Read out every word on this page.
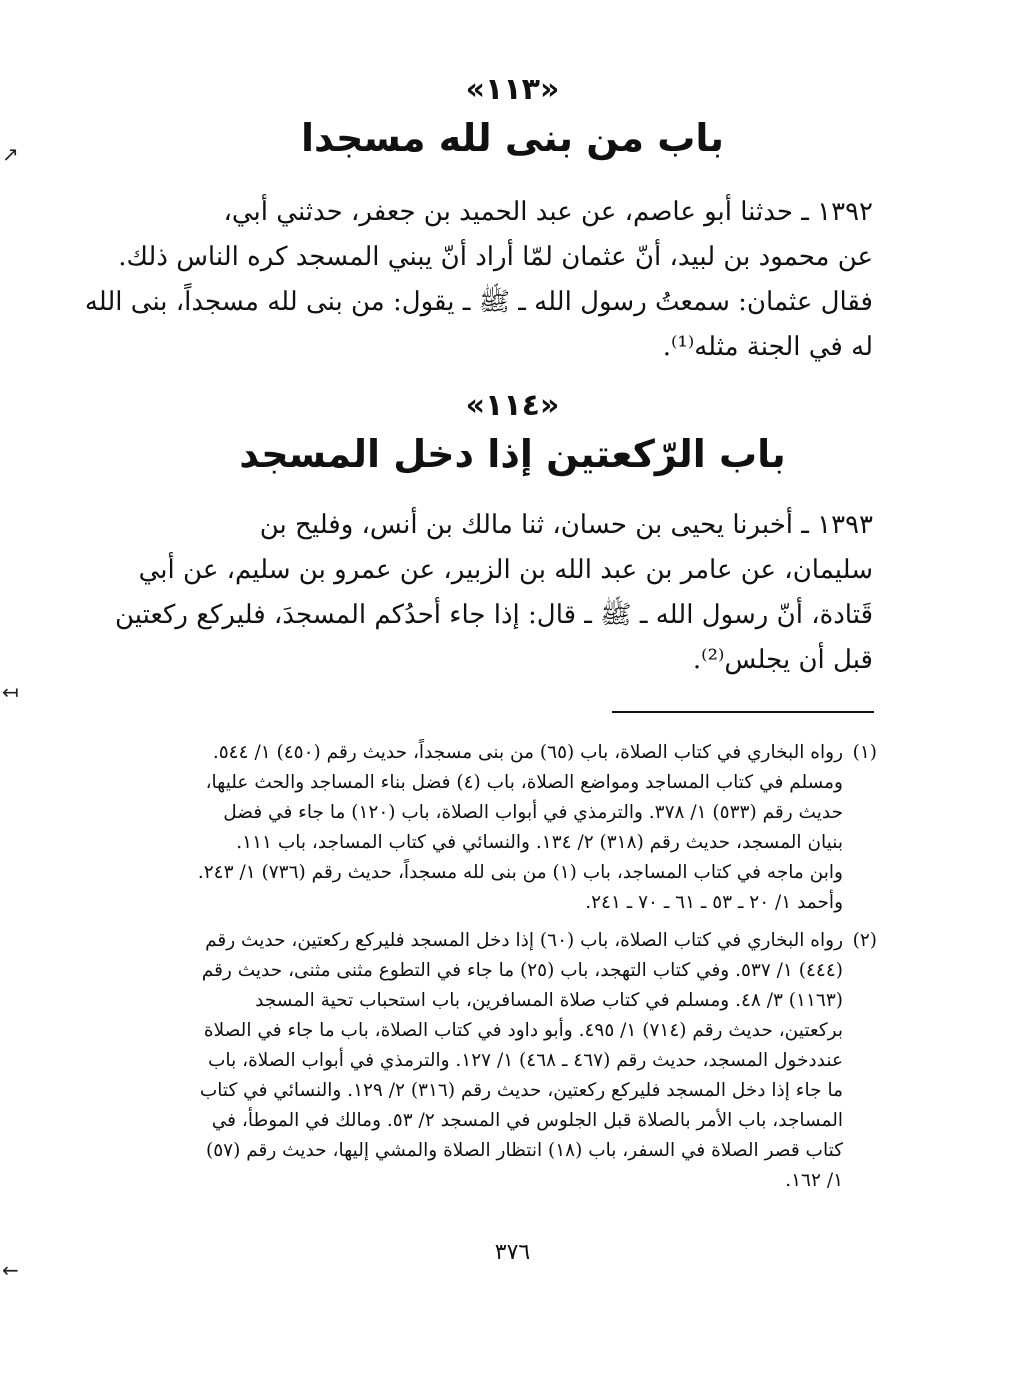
↗
↤
←
«١١٣»
باب من بنى لله مسجدا
١٣٩٢ ـ حدثنا أبو عاصم، عن عبد الحميد بن جعفر، حدثني أبي،
عن محمود بن لبيد، أنّ عثمان لمّا أراد أنّ يبني المسجد كره الناس ذلك.
فقال عثمان: سمعتُ رسول الله ـ ﷺ ـ يقول: من بنى لله مسجداً، بنى الله
له في الجنة مثله⁽¹⁾.
«١١٤»
باب الرّكعتين إذا دخل المسجد
١٣٩٣ ـ أخبرنا يحيى بن حسان، ثنا مالك بن أنس، وفليح بن
سليمان، عن عامر بن عبد الله بن الزبير، عن عمرو بن سليم، عن أبي
قَتادة، أنّ رسول الله ـ ﷺ ـ قال: إذا جاء أحدُكم المسجدَ، فليركع ركعتين
قبل أن يجلس⁽²⁾.
(١)
رواه البخاري في كتاب الصلاة، باب (٦٥) من بنى مسجداً، حديث رقم (٤٥٠) ١/ ٥٤٤.
ومسلم في كتاب المساجد ومواضع الصلاة، باب (٤) فضل بناء المساجد والحث عليها،
حديث رقم (٥٣٣) ١/ ٣٧٨. والترمذي في أبواب الصلاة، باب (١٢٠) ما جاء في فضل
بنيان المسجد، حديث رقم (٣١٨) ٢/ ١٣٤. والنسائي في كتاب المساجد، باب ١١١.
وابن ماجه في كتاب المساجد، باب (١) من بنى لله مسجداً، حديث رقم (٧٣٦) ١/ ٢٤٣.
وأحمد ١/ ٢٠ ـ ٥٣ ـ ٦١ ـ ٧٠ ـ ٢٤١.
(٢)
رواه البخاري في كتاب الصلاة، باب (٦٠) إذا دخل المسجد فليركع ركعتين، حديث رقم
(٤٤٤) ١/ ٥٣٧. وفي كتاب التهجد، باب (٢٥) ما جاء في التطوع مثنى مثنى، حديث رقم
(١١٦٣) ٣/ ٤٨. ومسلم في كتاب صلاة المسافرين، باب استحباب تحية المسجد
بركعتين، حديث رقم (٧١٤) ١/ ٤٩٥. وأبو داود في كتاب الصلاة، باب ما جاء في الصلاة
عنددخول المسجد، حديث رقم (٤٦٧ ـ ٤٦٨) ١/ ١٢٧. والترمذي في أبواب الصلاة، باب
ما جاء إذا دخل المسجد فليركع ركعتين، حديث رقم (٣١٦) ٢/ ١٢٩. والنسائي في كتاب
المساجد، باب الأمر بالصلاة قبل الجلوس في المسجد ٢/ ٥٣. ومالك في الموطأ، في
كتاب قصر الصلاة في السفر، باب (١٨) انتظار الصلاة والمشي إليها، حديث رقم (٥٧)
١/ ١٦٢.
٣٧٦
